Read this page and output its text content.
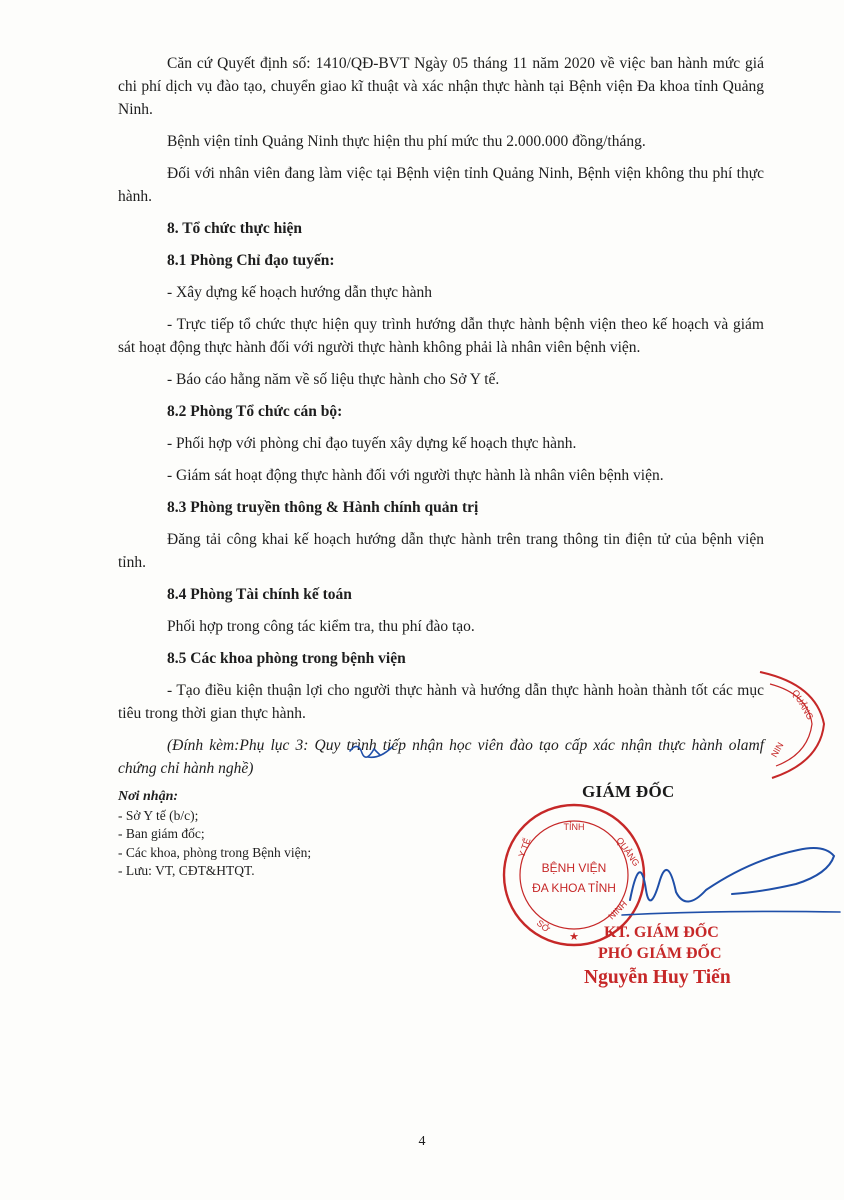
Căn cứ Quyết định số: 1410/QĐ-BVT Ngày 05 tháng 11 năm 2020 về việc ban hành mức giá chi phí dịch vụ đào tạo, chuyển giao kĩ thuật và xác nhận thực hành tại Bệnh viện Đa khoa tỉnh Quảng Ninh.

Bệnh viện tỉnh Quảng Ninh thực hiện thu phí mức thu 2.000.000 đồng/tháng.

Đối với nhân viên đang làm việc tại Bệnh viện tỉnh Quảng Ninh, Bệnh viện không thu phí thực hành.

8. Tổ chức thực hiện

8.1 Phòng Chỉ đạo tuyến:

- Xây dựng kế hoạch hướng dẫn thực hành

- Trực tiếp tổ chức thực hiện quy trình hướng dẫn thực hành bệnh viện theo kế hoạch và giám sát hoạt động thực hành đối với người thực hành không phải là nhân viên bệnh viện.

- Báo cáo hằng năm về số liệu thực hành cho Sở Y tế.

8.2 Phòng Tổ chức cán bộ:

- Phối hợp với phòng chỉ đạo tuyến xây dựng kế hoạch thực hành.

- Giám sát hoạt động thực hành đối với người thực hành là nhân viên bệnh viện.

8.3 Phòng truyền thông & Hành chính quản trị

Đăng tải công khai kế hoạch hướng dẫn thực hành trên trang thông tin điện tử của bệnh viện tỉnh.

8.4 Phòng Tài chính kế toán

Phối hợp trong công tác kiểm tra, thu phí đào tạo.

8.5 Các khoa phòng trong bệnh viện

- Tạo điều kiện thuận lợi cho người thực hành và hướng dẫn thực hành hoàn thành tốt các mục tiêu trong thời gian thực hành.

(Đính kèm:Phụ lục 3: Quy trình tiếp nhận học viên đào tạo cấp xác nhận thực hành olamf chứng chỉ hành nghề)

QUẢNG
NIN
Nơi nhận:
- Sở Y tế (b/c);
- Ban giám đốc;
- Các khoa, phòng trong Bệnh viện;
- Lưu: VT, CĐT&HTQT.
GIÁM ĐỐC
TỈNH
Y TẾ	QUẢNG
NINH
SỞ
BỆNH VIỆN
ĐA KHOA TỈNH
★ KT. GIÁM ĐỐC
PHÓ GIÁM ĐỐC
Nguyễn Huy Tiến
4
